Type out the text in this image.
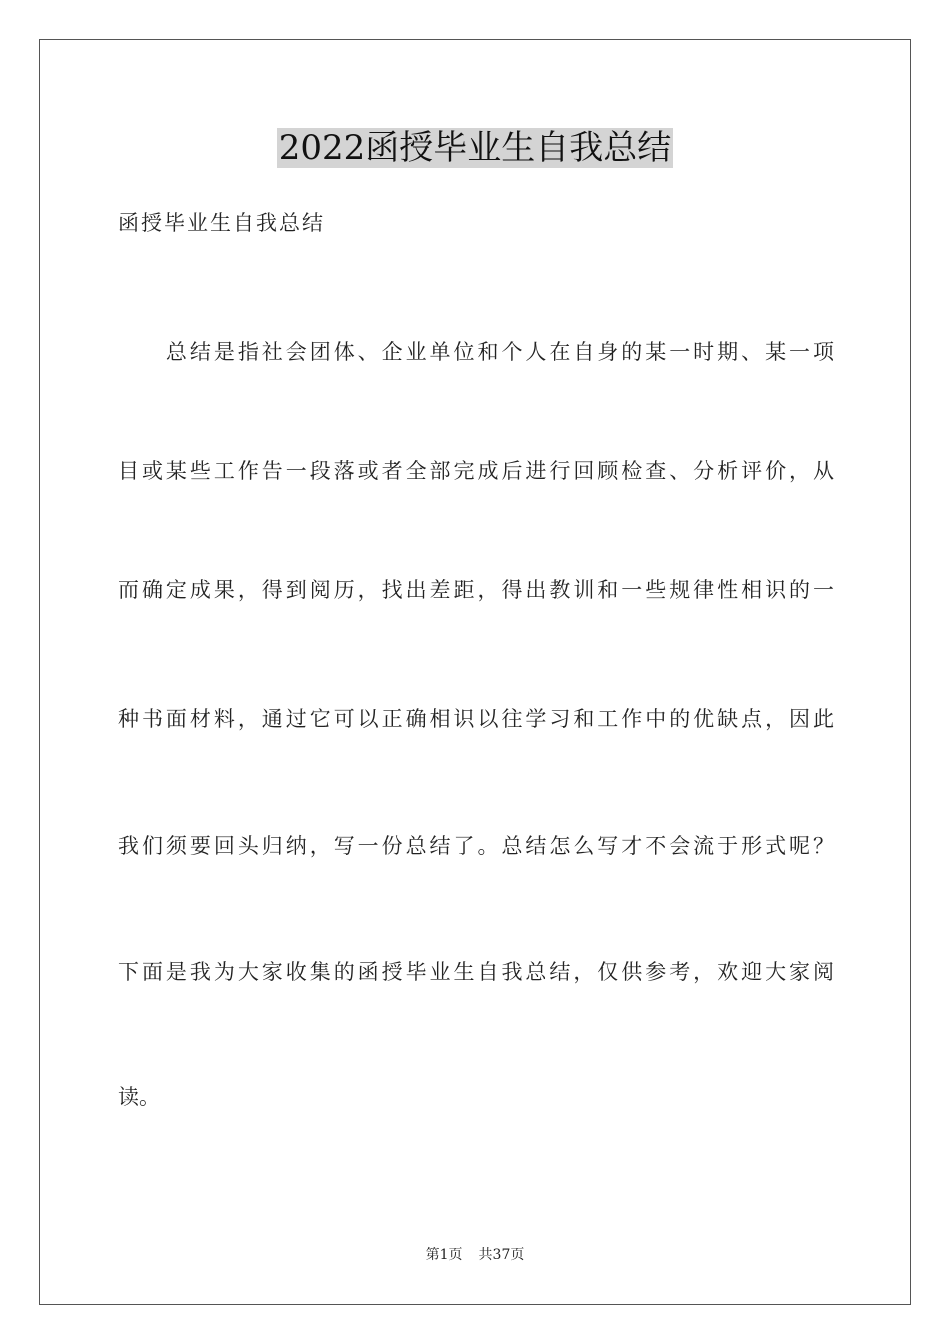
2022函授毕业生自我总结
函授毕业生自我总结
　　总结是指社会团体、企业单位和个人在自身的某一时期、某一项
目或某些工作告一段落或者全部完成后进行回顾检查、分析评价，从
而确定成果，得到阅历，找出差距，得出教训和一些规律性相识的一
种书面材料，通过它可以正确相识以往学习和工作中的优缺点，因此
我们须要回头归纳，写一份总结了。总结怎么写才不会流于形式呢？
下面是我为大家收集的函授毕业生自我总结，仅供参考，欢迎大家阅
读。
第1页 共37页
